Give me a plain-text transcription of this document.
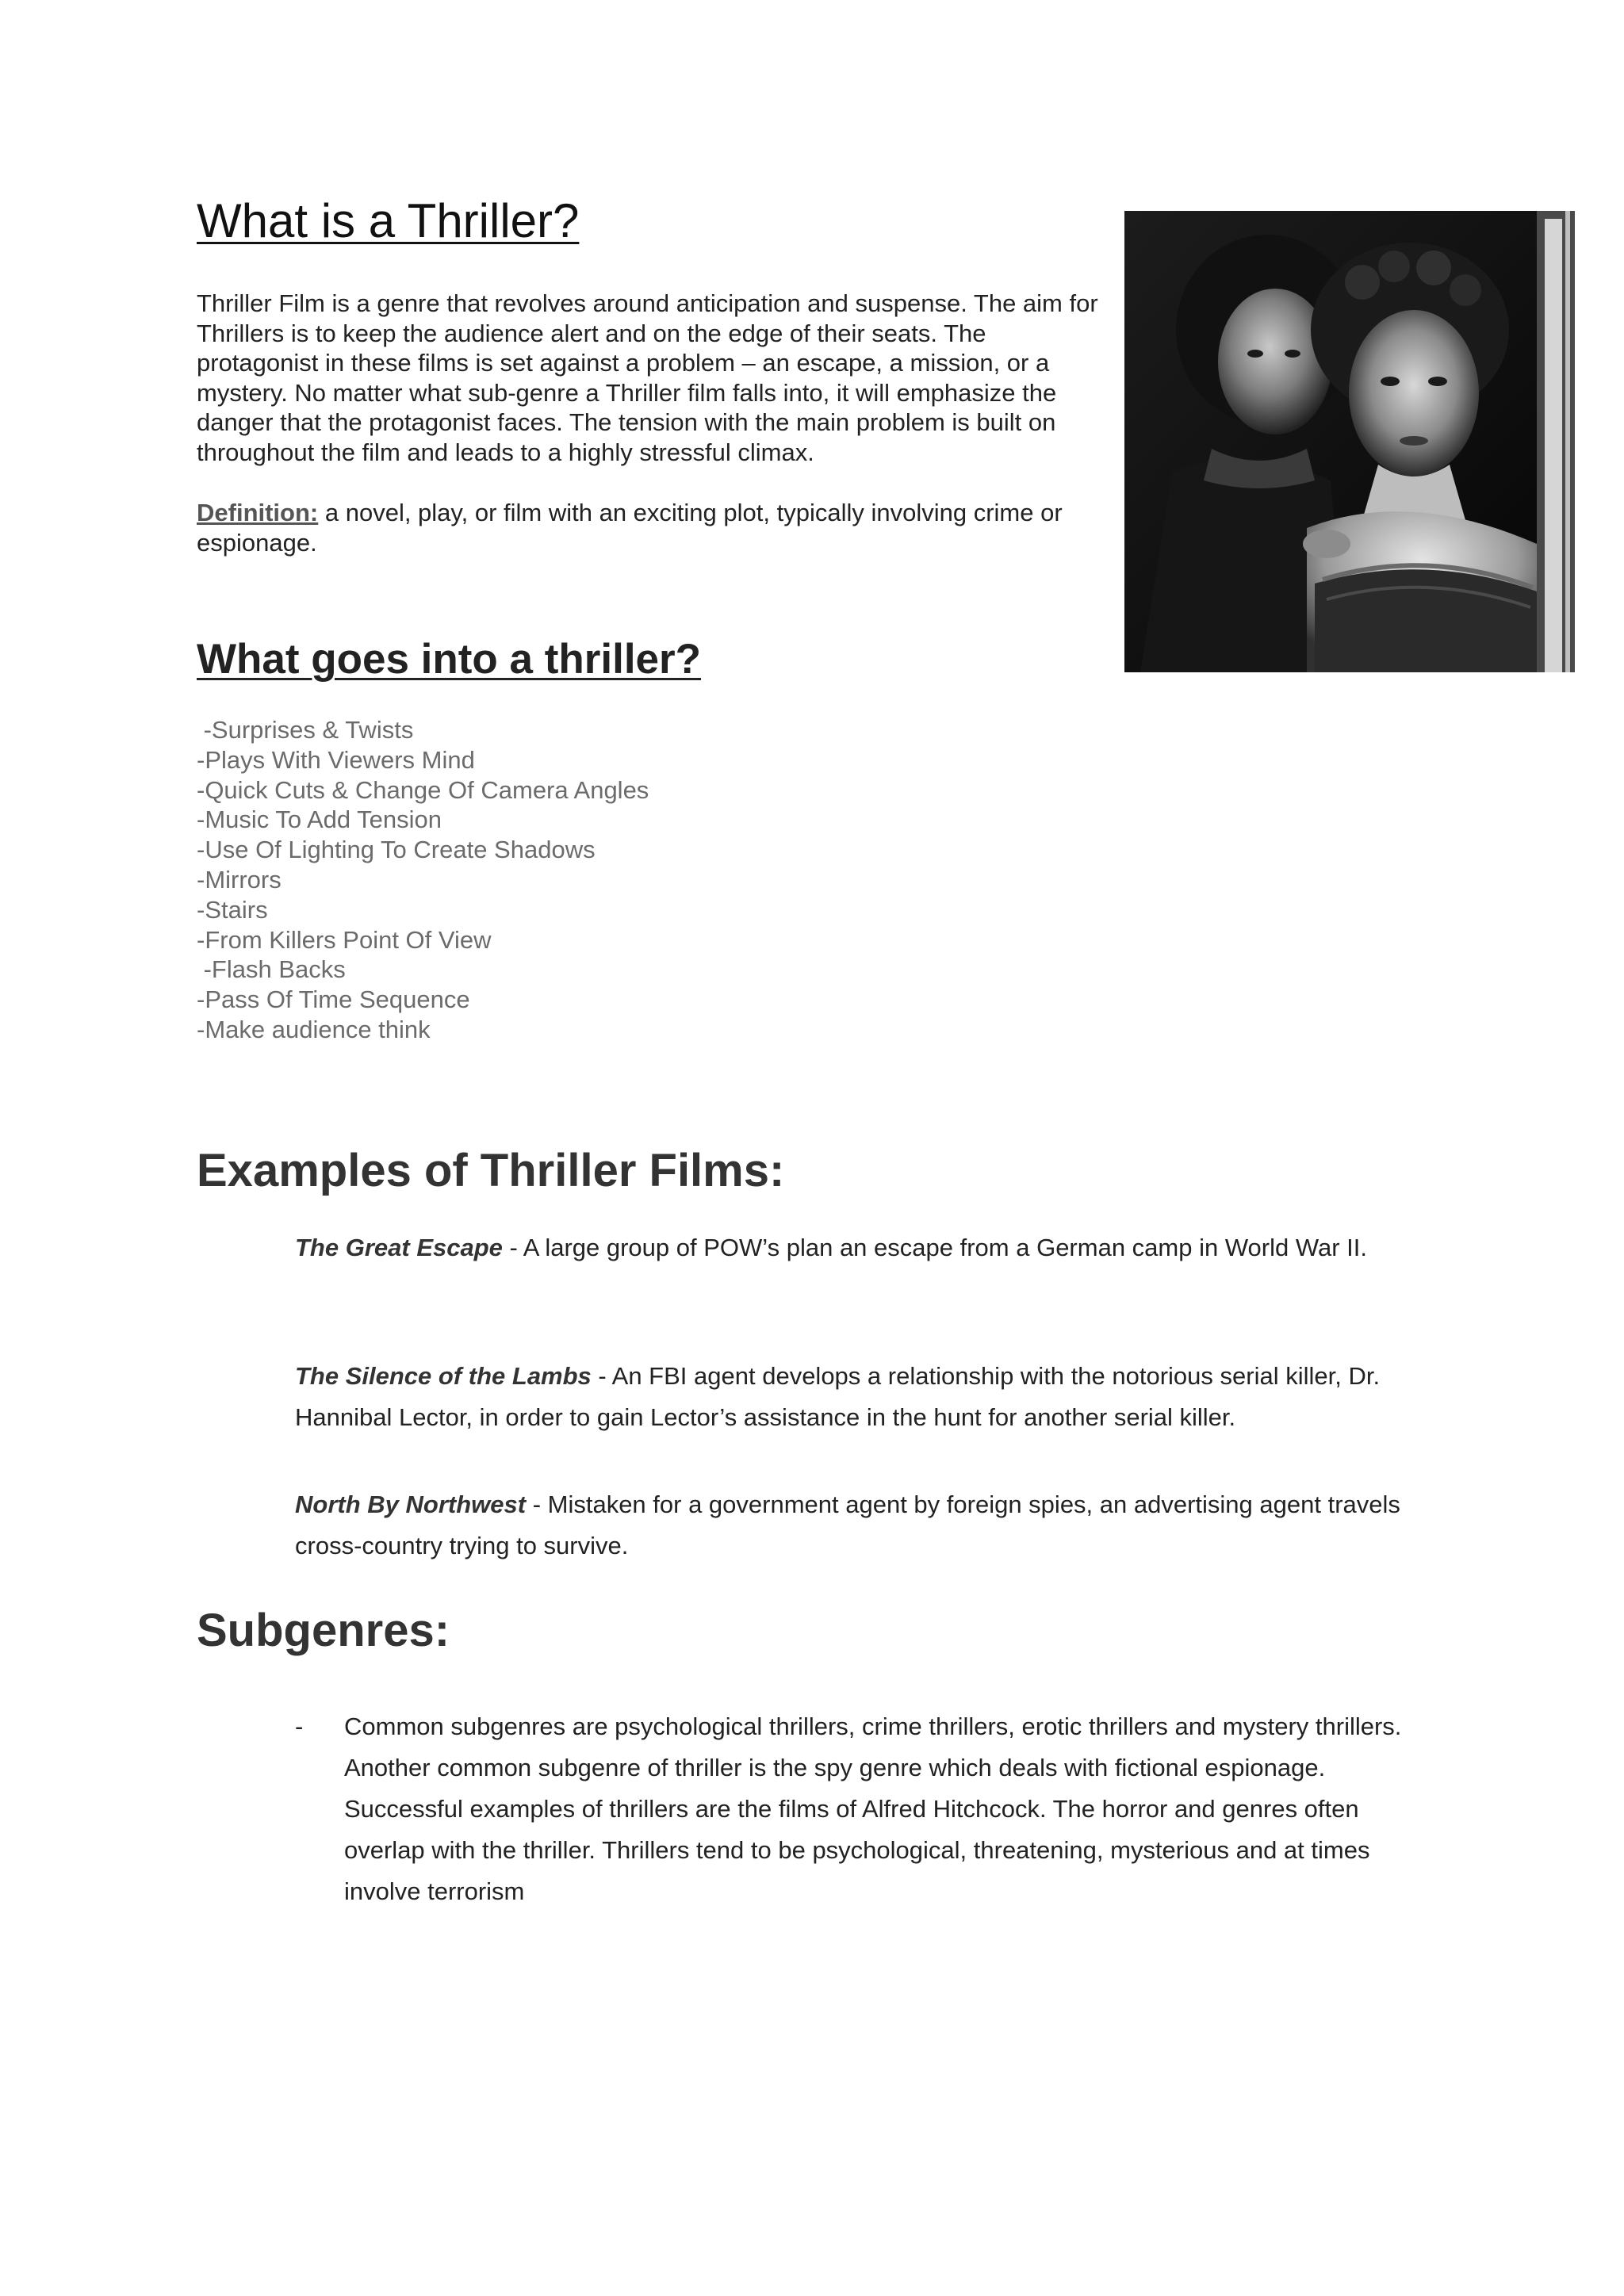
What is a Thriller?

Thriller Film is a genre that revolves around anticipation and suspense. The aim for Thrillers is to keep the audience alert and on the edge of their seats. The protagonist in these films is set against a problem – an escape, a mission, or a mystery. No matter what sub-genre a Thriller film falls into, it will emphasize the danger that the protagonist faces. The tension with the main problem is built on throughout the film and leads to a highly stressful climax.

Definition: a novel, play, or film with an exciting plot, typically involving crime or espionage.

What goes into a thriller?
-Surprises & Twists
-Plays With Viewers Mind
-Quick Cuts & Change Of Camera Angles
-Music To Add Tension
-Use Of Lighting To Create Shadows
-Mirrors
-Stairs
-From Killers Point Of View
-Flash Backs
-Pass Of Time Sequence
-Make audience think
Examples of Thriller Films:

The Great Escape - A large group of POW’s plan an escape from a German camp in World War II.

The Silence of the Lambs - An FBI agent develops a relationship with the notorious serial killer, Dr. Hannibal Lector, in order to gain Lector’s assistance in the hunt for another serial killer.

North By Northwest - Mistaken for a government agent by foreign spies, an advertising agent travels cross-country trying to survive.

Subgenres:
- Common subgenres are psychological thrillers, crime thrillers, erotic thrillers and mystery thrillers. Another common subgenre of thriller is the spy genre which deals with fictional espionage. Successful examples of thrillers are the films of Alfred Hitchcock. The horror and genres often overlap with the thriller. Thrillers tend to be psychological, threatening, mysterious and at times involve terrorism
